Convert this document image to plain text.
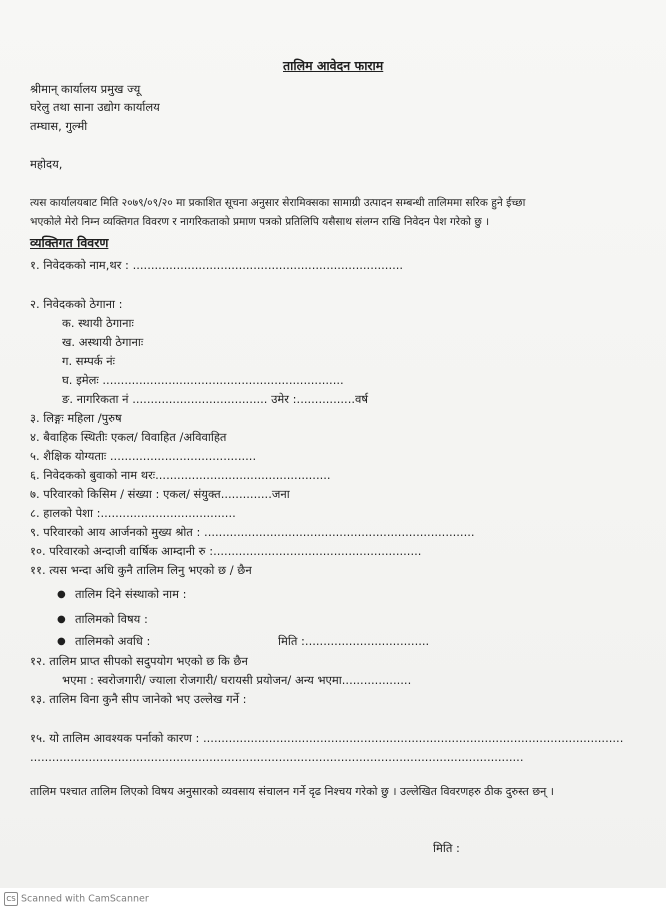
तालिम आवेदन फाराम
श्रीमान् कार्यालय प्रमुख ज्यू
घरेलु तथा साना उद्योग कार्यालय
तम्घास, गुल्मी
महोदय,
त्यस कार्यालयबाट मिति २०७९/०९/२० मा प्रकाशित सूचना अनुसार सेरामिक्सका सामाग्री उत्पादन सम्बन्धी तालिममा सरिक हुने ईच्छा
भएकोले मेरो निम्न व्यक्तिगत विवरण र नागरिकताको प्रमाण पत्रको प्रतिलिपि यसैसाथ संलग्न राखि निवेदन पेश गरेको छु ।
व्यक्तिगत विवरण
१. निवेदकको नाम,थर : ..........................................................................
२. निवेदकको ठेगाना :
क. स्थायी ठेगानाः
ख. अस्थायी ठेगानाः
ग. सम्पर्क नंः
घ. इमेलः ..................................................................
ङ. नागरिकता नं ..................................... उमेर :................वर्ष
३. लिङ्गः महिला /पुरुष
४. बैवाहिक स्थितीः एकल/ विवाहित /अविवाहित
५. शैक्षिक योग्यताः ........................................
६. निवेदकको बुवाको नाम थरः................................................
७. परिवारको किसिम / संख्या : एकल/ संयुक्त..............जना
८. हालको पेशा :.....................................
९. परिवारको आय आर्जनको मुख्य श्रोत : ..........................................................................
१०. परिवारको अन्दाजी वार्षिक आम्दानी रु :.........................................................
११. त्यस भन्दा अधि कुनै तालिम लिनु भएको छ / छैन
● तालिम दिने संस्थाको नाम :
● तालिमको विषय :
● तालिमको अवधि :	मिति :..................................
१२. तालिम प्राप्त सीपको सदुपयोग भएको छ कि छैन
भएमा : स्वरोजगारी/ ज्याला रोजगारी/ घरायसी प्रयोजन/ अन्य भएमा...................
१३. तालिम विना कुनै सीप जानेको भए उल्लेख गर्ने :
१५. यो तालिम आवश्यक पर्नाको कारण : ...................................................................................................................
.......................................................................................................................................
तालिम पश्चात तालिम लिएको विषय अनुसारको व्यवसाय संचालन गर्ने दृढ निश्चय गरेको छु । उल्लेखित विवरणहरु ठीक दुरुस्त छन् ।
मिति :
CS Scanned with CamScanner
